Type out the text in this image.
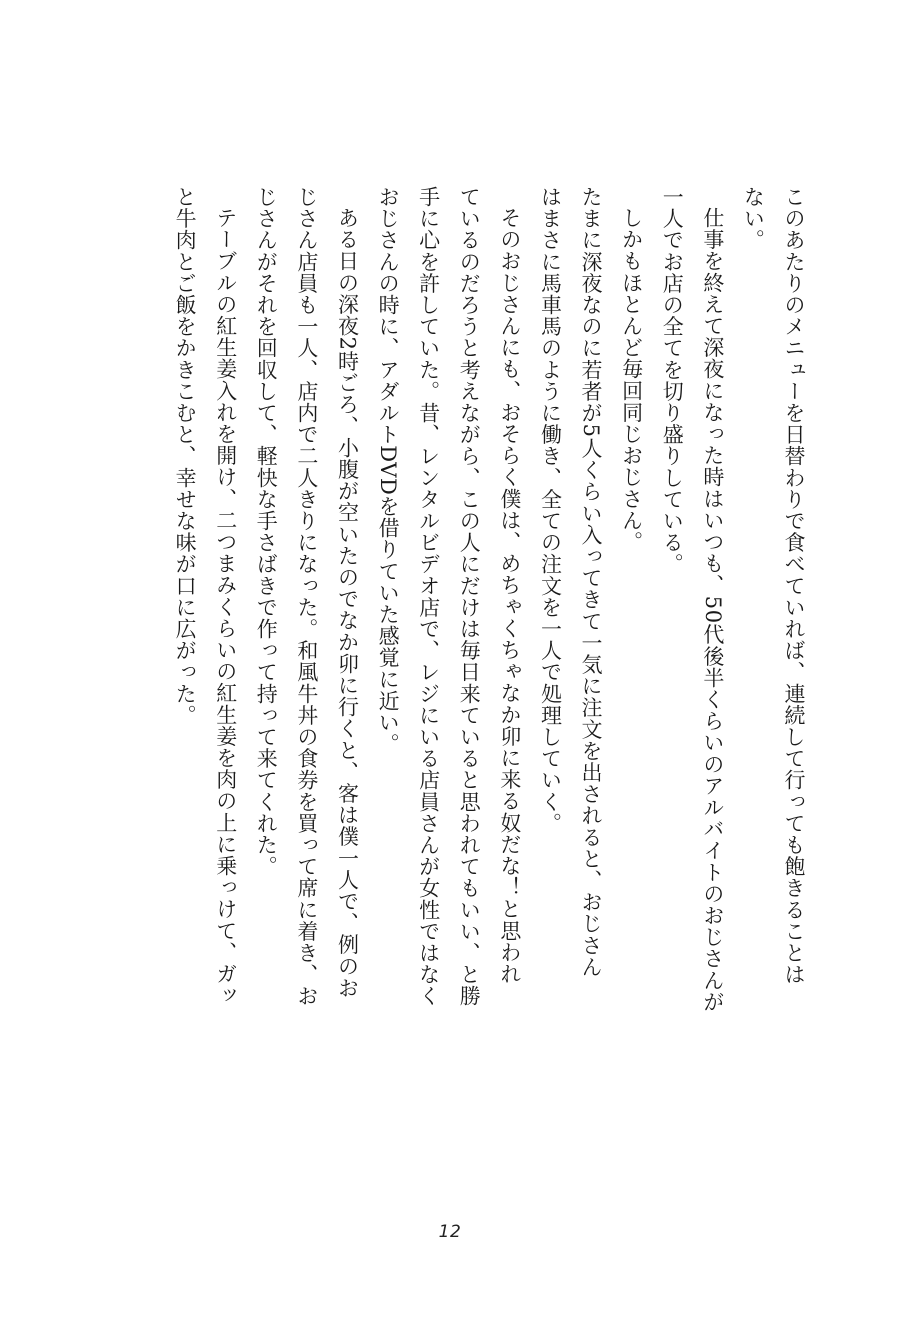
このあたりのメニューを日替わりで食べていれば、連続して行っても飽きることは

ない。

仕事を終えて深夜になった時はいつも、50代後半くらいのアルバイトのおじさんが

一人でお店の全てを切り盛りしている。

しかもほとんど毎回同じおじさん。

たまに深夜なのに若者が5人くらい入ってきて一気に注文を出されると、おじさん

はまさに馬車馬のように働き、全ての注文を一人で処理していく。

そのおじさんにも、おそらく僕は、めちゃくちゃなか卯に来る奴だな！と思われ

ているのだろうと考えながら、この人にだけは毎日来ていると思われてもいい、と勝

手に心を許していた。昔、レンタルビデオ店で、レジにいる店員さんが女性ではなく

おじさんの時に、アダルトDVDを借りていた感覚に近い。

ある日の深夜2時ごろ、小腹が空いたのでなか卯に行くと、客は僕一人で、例のお

じさん店員も一人、店内で二人きりになった。和風牛丼の食券を買って席に着き、お

じさんがそれを回収して、軽快な手さばきで作って持って来てくれた。

テーブルの紅生姜入れを開け、二つまみくらいの紅生姜を肉の上に乗っけて、ガッ

と牛肉とご飯をかきこむと、幸せな味が口に広がった。

12
